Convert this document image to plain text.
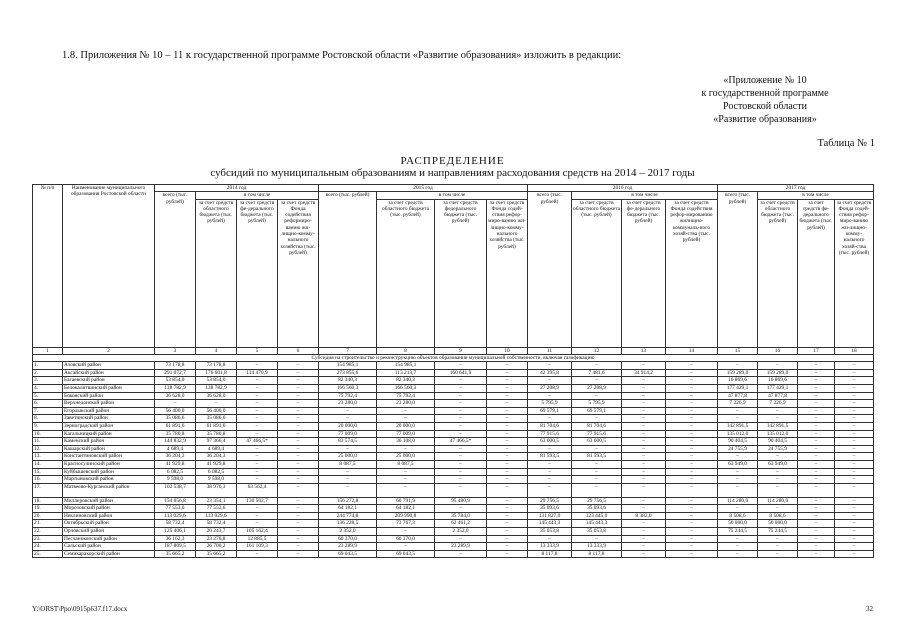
1.8. Приложения № 10 – 11 к государственной программе Ростовской области «Развитие образования» изложить в редакции:
«Приложение № 10
к государственной программе
Ростовской области
«Развитие образования»
Таблица № 1
РАСПРЕДЕЛЕНИЕ
субсидий по муниципальным образованиям и направлениям расходования средств на 2014 – 2017 годы
№ п/п	Наименование муниципального образования Ростовской области	2014 год				2015 год				2016 год				2017 год			
		всего (тыс. рублей)	в том числе			всего (тыс. рублей)	в том числе			всего (тыс. рублей)	в том числе			всего (тыс. рублей)	в том числе		
			за счет средств областного бюджета (тыс. рублей)	за счет средств фе-дерального бюджета (тыс. рублей)	за счет средств Фонда содействия реформиро-ванию жи-лищно-комму-нального хозяйства (тыс. рублей)		за счет средств областного бюджета (тыс. рублей)	за счет средств федерального бюджета (тыс. рублей)	за счет средств Фонда содей-ствия рефор-миро-ванию жи-лищно-комму-нального хозяйства (тыс. рублей)		за счет средств областного бюджета (тыс. рублей)	за счет средств фе-дерального бюджета (тыс. рублей)	за счет средств Фонда содействия рефор-мированию жилищно-коммуналь-ного хозяй-ства (тыс. рублей)		за счет средств областного бюджета (тыс. рублей)	за счет средств фе-дерального бюджета (тыс. рублей)	за счет средств Фонда содей-ствия рефор-миро-ванию жи-лищно-комму-нального хозяй-ства (тыс. рублей)
1	2	3	4	5	6	7	8	9	10	11	12	13	14	15	16	17	18
Субсидия на строительство и реконструкцию объектов образования муниципальной собственности, включая газификацию																	
1.	Азовский район	73 178,8	73 178,8	–	–	154 985,1	154 985,1	–	–	–	–	–	–	–	–	–	–
2.	Аксайский район	291 072,7	176 601,8	114 470,9	–	273 855,6	113 213,7	160 641,9	–	42 395,8	7 481,6	34 914,2	–	159 289,0	159 289,0	–	–
3.	Багаевский район	53 854,0	53 854,0	–	–	82 340,3	82 340,3	–	–	–	–	–	–	16 869,6	16 869,6	–	–
4.	Белокалитвинский район	138 782,9	138 782,9	–	–	166 560,3	166 560,3	–	–	27 208,9	27 208,9	–	–	177 429,1	177 429,1	–	–
5.	Боковский район	36 628,0	36 628,0	–	–	75 792,4	75 792,4	–	–	–	–	–	–	47 877,8	47 877,8	–	–
6.	Верхнедонской район	–	–	–	–	23 280,0	23 280,0	–	–	5 795,9	5 795,9	–	–	7 226,9	7 226,9	–	–
7.	Егорлыкский район	56 400,0	56 400,0	–	–	–	–	–	–	69 579,1	69 579,1	–	–	–	–	–	–
8.	Заветинский район	35 086,6	35 086,6	–	–	–	–	–	–	–	–	–	–	–	–	–	–
9.	Зерноградский район	61 891,6	61 891,6	–	–	20 000,0	20 000,0	–	–	81 704,6	81 704,6	–	–	142 891,5	142 891,5	–	–
10.	Кагальницкий район	35 780,8	35 780,8	–	–	77 009,0	77 009,0	–	–	77 915,6	77 915,6	–	–	135 012,0	135 012,0	–	–
11.	Каменский район	144 832,9	97 366,4	47 466,5*	–	83 574,5	36 108,0	47 466,5*	–	63 600,5	63 600,5	–	–	90 404,5	90 404,5	–	–
12.	Кашарский район	4 689,4	4 689,4	–	–	–	–	–	–	–	–	–	–	24 755,9	24 755,9	–	–
13.	Константиновский район	36 204,3	36 204,3	–	–	25 000,0	25 000,0	–	–	81 593,5	81 593,5	–	–	–	–	–	–
14.	Красносулинский район	41 929,8	41 929,8	–	–	8 087,5	8 087,5	–	–	–	–	–	–	63 949,0	63 949,0	–	–
15.	Куйбышевский район	6 082,5	6 082,5	–	–	–	–	–	–	–	–	–	–	–	–	–	–
16.	Мартыновский район	9 598,0	9 598,0	–	–	–	–	–	–	–	–	–	–	–	–	–	–
17.	Матвеево-Курганский район	102 538,7	38 976,3	63 562,4	–	–	–	–	–	–	–	–	–	–	–	–	–
18.	Миллеровский район	154 056,8	23 354,1	130 502,7	–	156 272,8	60 791,9	95 480,9	–	29 756,5	29 756,5	–	–	114 280,0	114 280,0	–	–
19.	Морозовский район	77 553,6	77 553,6	–	–	64 182,1	64 182,1	–	–	35 093,6	35 093,6	–	–	–	–	–	–
20.	Неклиновский район	113 029,6	113 029,6	–	–	244 774,8	209 990,8	35 784,0	–	131 827,0	123 445,0	8 382,0	–	8 508,6	8 508,6	–	–
21.	Октябрьский район	58 732,4	58 732,4	–	–	136 228,5	73 767,3	62 461,2	–	145 443,3	145 443,3	–	–	50 000,0	50 000,0	–	–
22.	Орловский район	125 406,1	20 243,7	105 162,4	–	2 352,0	–	2 352,0	–	35 053,8	35 053,8	–	–	75 244,5	75 244,5	–	–
23.	Песчанокопский район	36 162,3	23 276,8	12 885,5	–	60 370,0	60 370,0	–	–	–	–	–	–	–	–	–	–
24.	Сальский район	187 809,5	26 700,2	161 109,3	–	23 289,9	–	23 289,9	–	13 333,9	13 333,9	–	–	–	–	–	–
25.	Семикаракорский район	35 665,2	35 665,2	–	–	69 043,5	69 043,5	–	–	8 117,8	8 117,8	–	–	–	–	–	–
Y:\ORST\Ppo\0915p637.f17.docx	32
